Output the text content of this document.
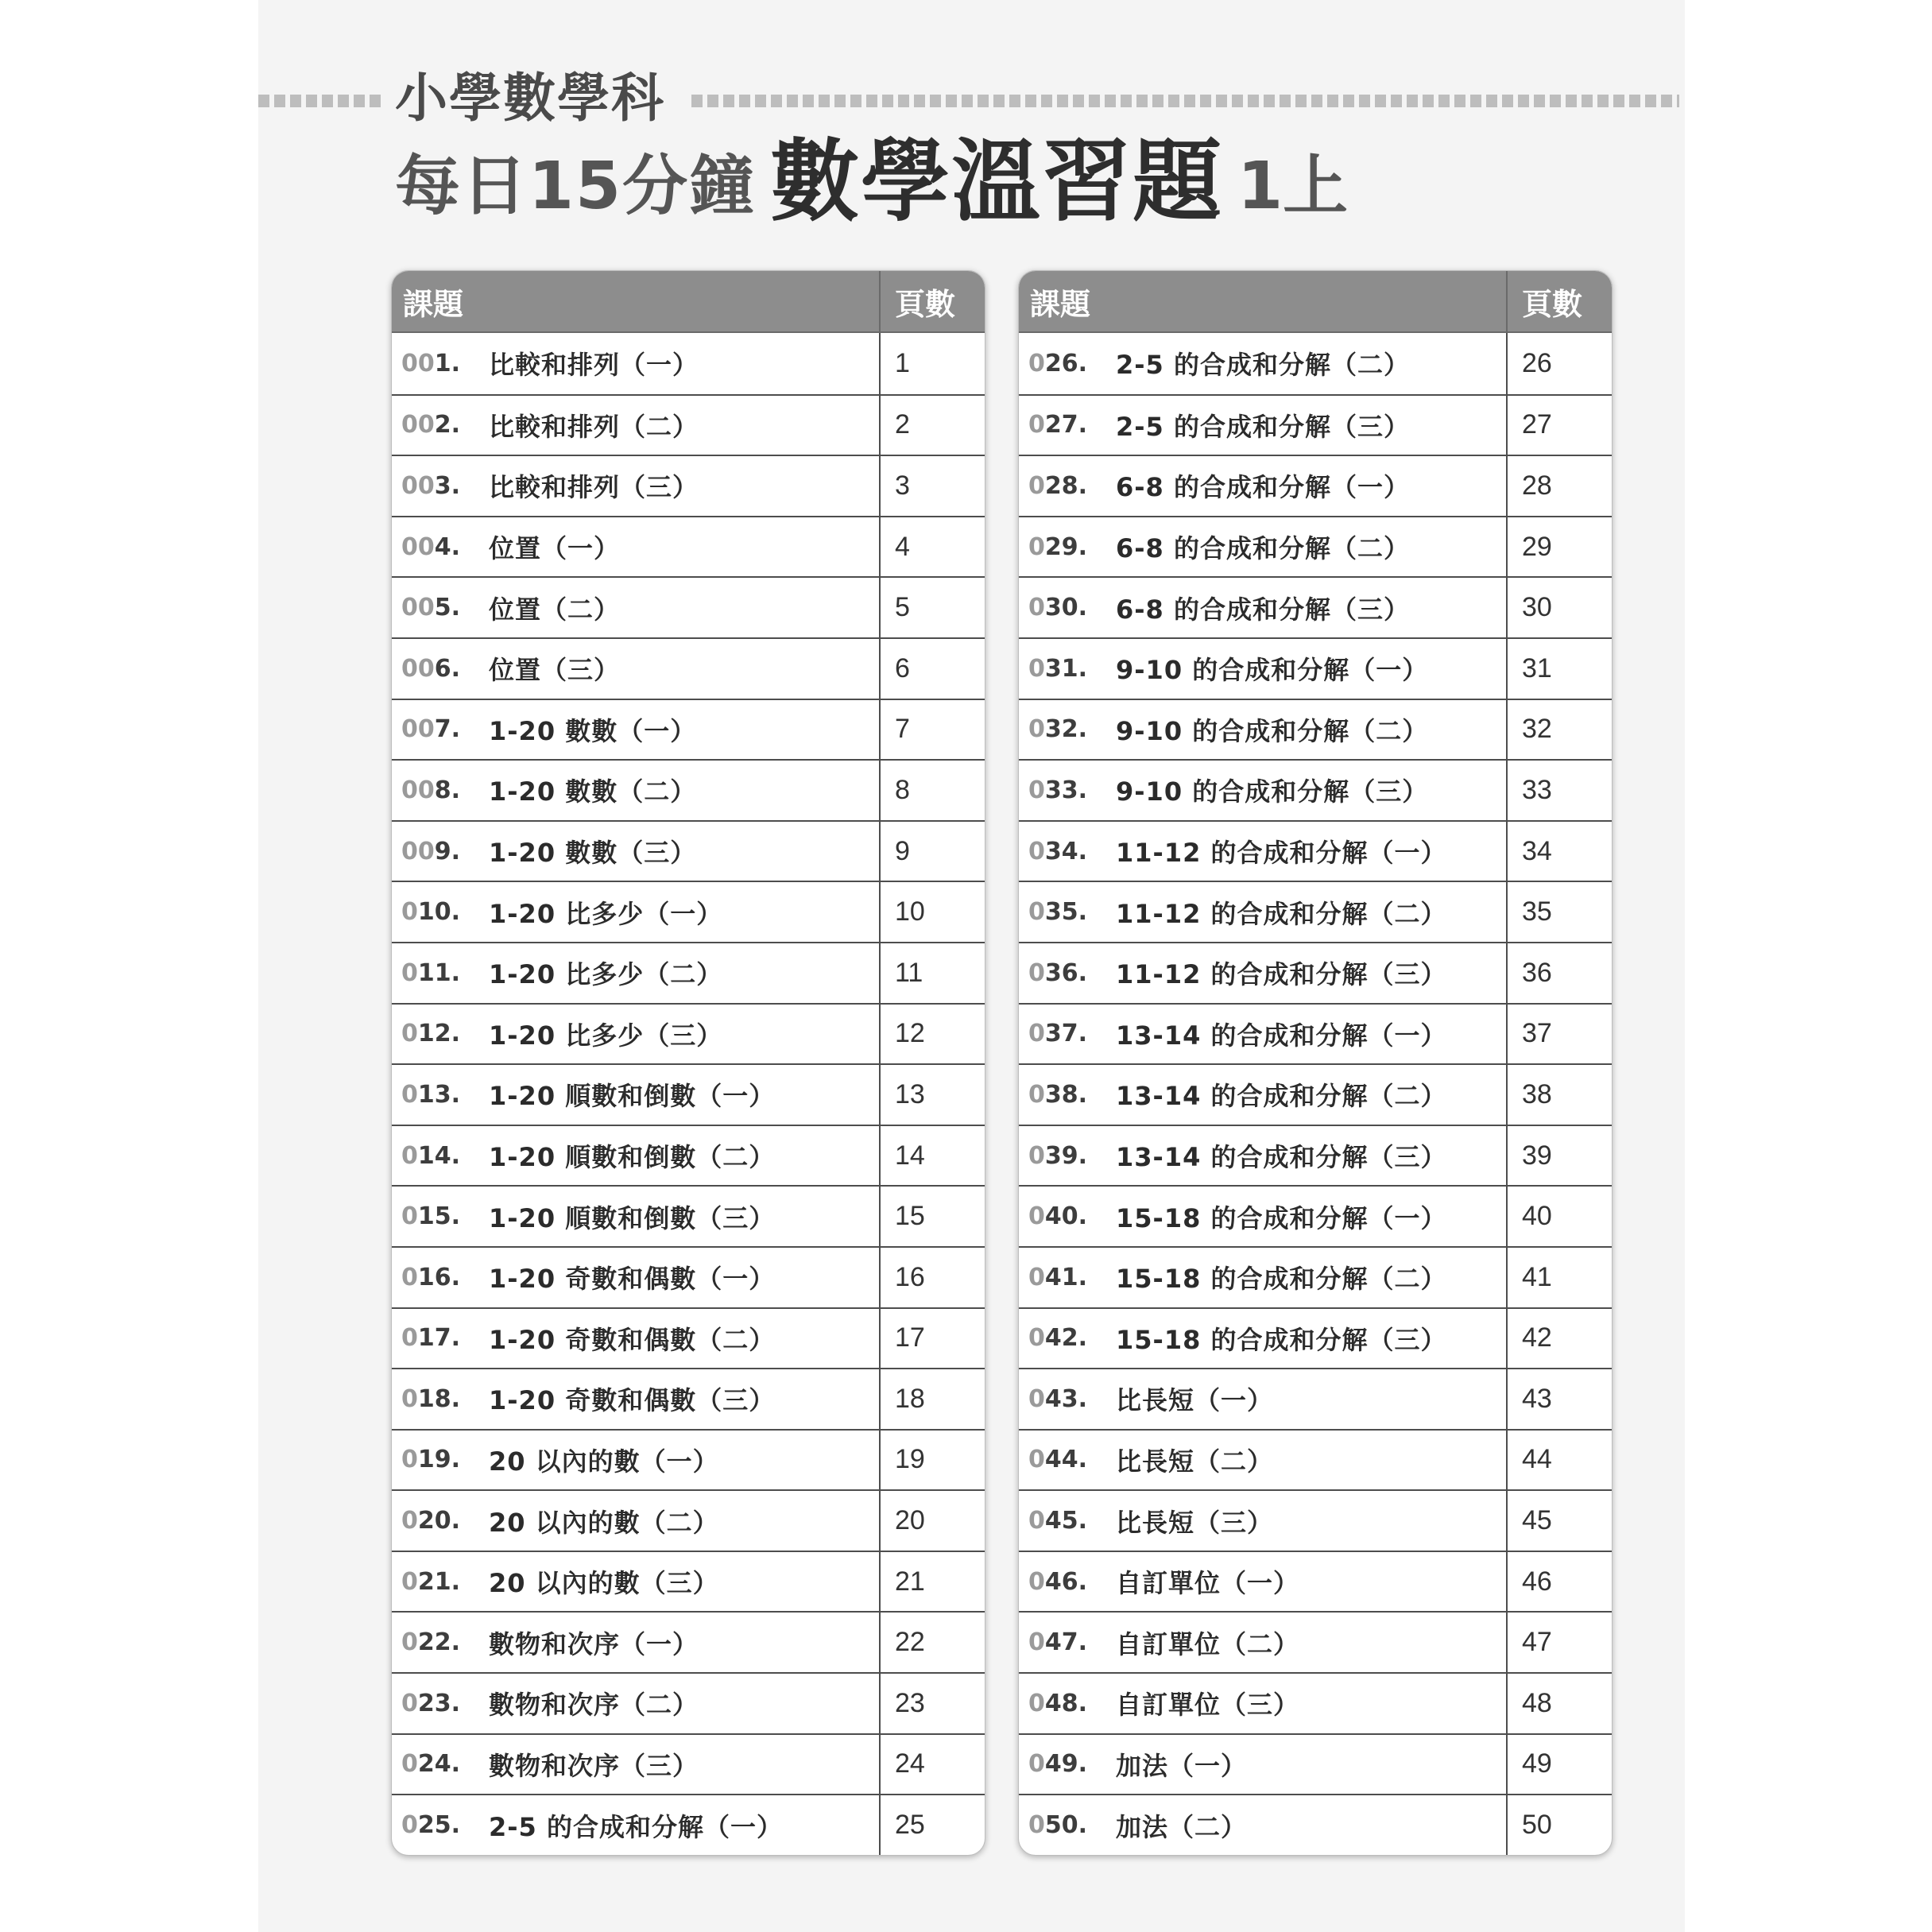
小學數學科
每日15分鐘 數學溫習題 1上
課題	頁數
001.	比較和排列（一）	1
002.	比較和排列（二）	2
003.	比較和排列（三）	3
004.	位置（一）	4
005.	位置（二）	5
006.	位置（三）	6
007.	1-20 數數（一）	7
008.	1-20 數數（二）	8
009.	1-20 數數（三）	9
010.	1-20 比多少（一）	10
011.	1-20 比多少（二）	11
012.	1-20 比多少（三）	12
013.	1-20 順數和倒數（一）	13
014.	1-20 順數和倒數（二）	14
015.	1-20 順數和倒數（三）	15
016.	1-20 奇數和偶數（一）	16
017.	1-20 奇數和偶數（二）	17
018.	1-20 奇數和偶數（三）	18
019.	20 以內的數（一）	19
020.	20 以內的數（二）	20
021.	20 以內的數（三）	21
022.	數物和次序（一）	22
023.	數物和次序（二）	23
024.	數物和次序（三）	24
025.	2-5 的合成和分解（一）	25
課題	頁數
026.	2-5 的合成和分解（二）	26
027.	2-5 的合成和分解（三）	27
028.	6-8 的合成和分解（一）	28
029.	6-8 的合成和分解（二）	29
030.	6-8 的合成和分解（三）	30
031.	9-10 的合成和分解（一）	31
032.	9-10 的合成和分解（二）	32
033.	9-10 的合成和分解（三）	33
034.	11-12 的合成和分解（一）	34
035.	11-12 的合成和分解（二）	35
036.	11-12 的合成和分解（三）	36
037.	13-14 的合成和分解（一）	37
038.	13-14 的合成和分解（二）	38
039.	13-14 的合成和分解（三）	39
040.	15-18 的合成和分解（一）	40
041.	15-18 的合成和分解（二）	41
042.	15-18 的合成和分解（三）	42
043.	比長短（一）	43
044.	比長短（二）	44
045.	比長短（三）	45
046.	自訂單位（一）	46
047.	自訂單位（二）	47
048.	自訂單位（三）	48
049.	加法（一）	49
050.	加法（二）	50
